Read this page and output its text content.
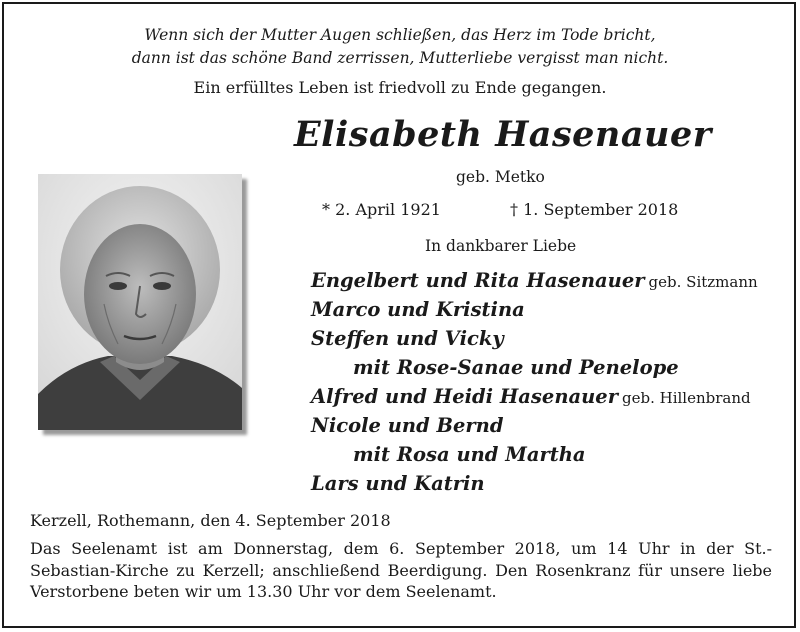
Wenn sich der Mutter Augen schließen, das Herz im Tode bricht,
dann ist das schöne Band zerrissen, Mutterliebe vergisst man nicht.
Ein erfülltes Leben ist friedvoll zu Ende gegangen.
Elisabeth Hasenauer
geb. Metko
* 2. April 1921	† 1. September 2018
In dankbarer Liebe
Engelbert und Rita Hasenauer geb. Sitzmann
Marco und Kristina
Steffen und Vicky
mit Rose-Sanae und Penelope
Alfred und Heidi Hasenauer geb. Hillenbrand
Nicole und Bernd
mit Rosa und Martha
Lars und Katrin
Kerzell, Rothemann, den 4. September 2018
Das Seelenamt ist am Donnerstag, dem 6. September 2018, um 14 Uhr in der St.-Sebastian-Kirche zu Kerzell; anschließend Beerdigung. Den Rosenkranz für unsere liebe Verstorbene beten wir um 13.30 Uhr vor dem Seelenamt.
